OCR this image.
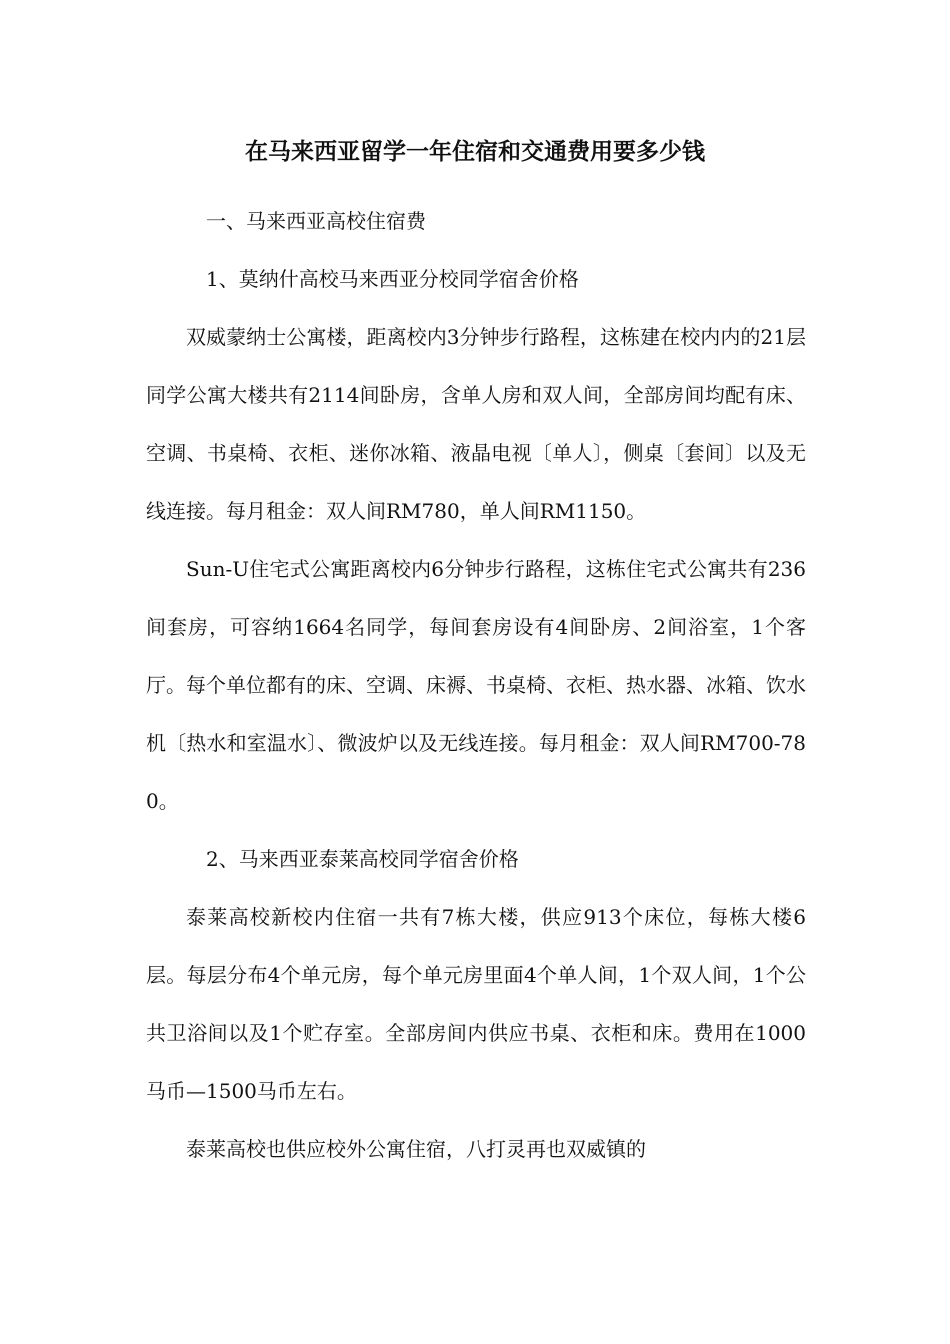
在马来西亚留学一年住宿和交通费用要多少钱

一、马来西亚高校住宿费

1、莫纳什高校马来西亚分校同学宿舍价格

双威蒙纳士公寓楼，距离校内3分钟步行路程，这栋建在校内内的21层同学公寓大楼共有2114间卧房，含单人房和双人间，全部房间均配有床、空调、书桌椅、衣柜、迷你冰箱、液晶电视〔单人〕，侧桌〔套间〕以及无线连接。每月租金：双人间RM780，单人间RM1150。

Sun-U住宅式公寓距离校内6分钟步行路程，这栋住宅式公寓共有236间套房，可容纳1664名同学，每间套房设有4间卧房、2间浴室，1个客厅。每个单位都有的床、空调、床褥、书桌椅、衣柜、热水器、冰箱、饮水机〔热水和室温水〕、微波炉以及无线连接。每月租金：双人间RM700-780。

2、马来西亚泰莱高校同学宿舍价格

泰莱高校新校内住宿一共有7栋大楼，供应913个床位，每栋大楼6层。每层分布4个单元房，每个单元房里面4个单人间，1个双人间，1个公共卫浴间以及1个贮存室。全部房间内供应书桌、衣柜和床。费用在1000马币—1500马币左右。

泰莱高校也供应校外公寓住宿，八打灵再也双威镇的
